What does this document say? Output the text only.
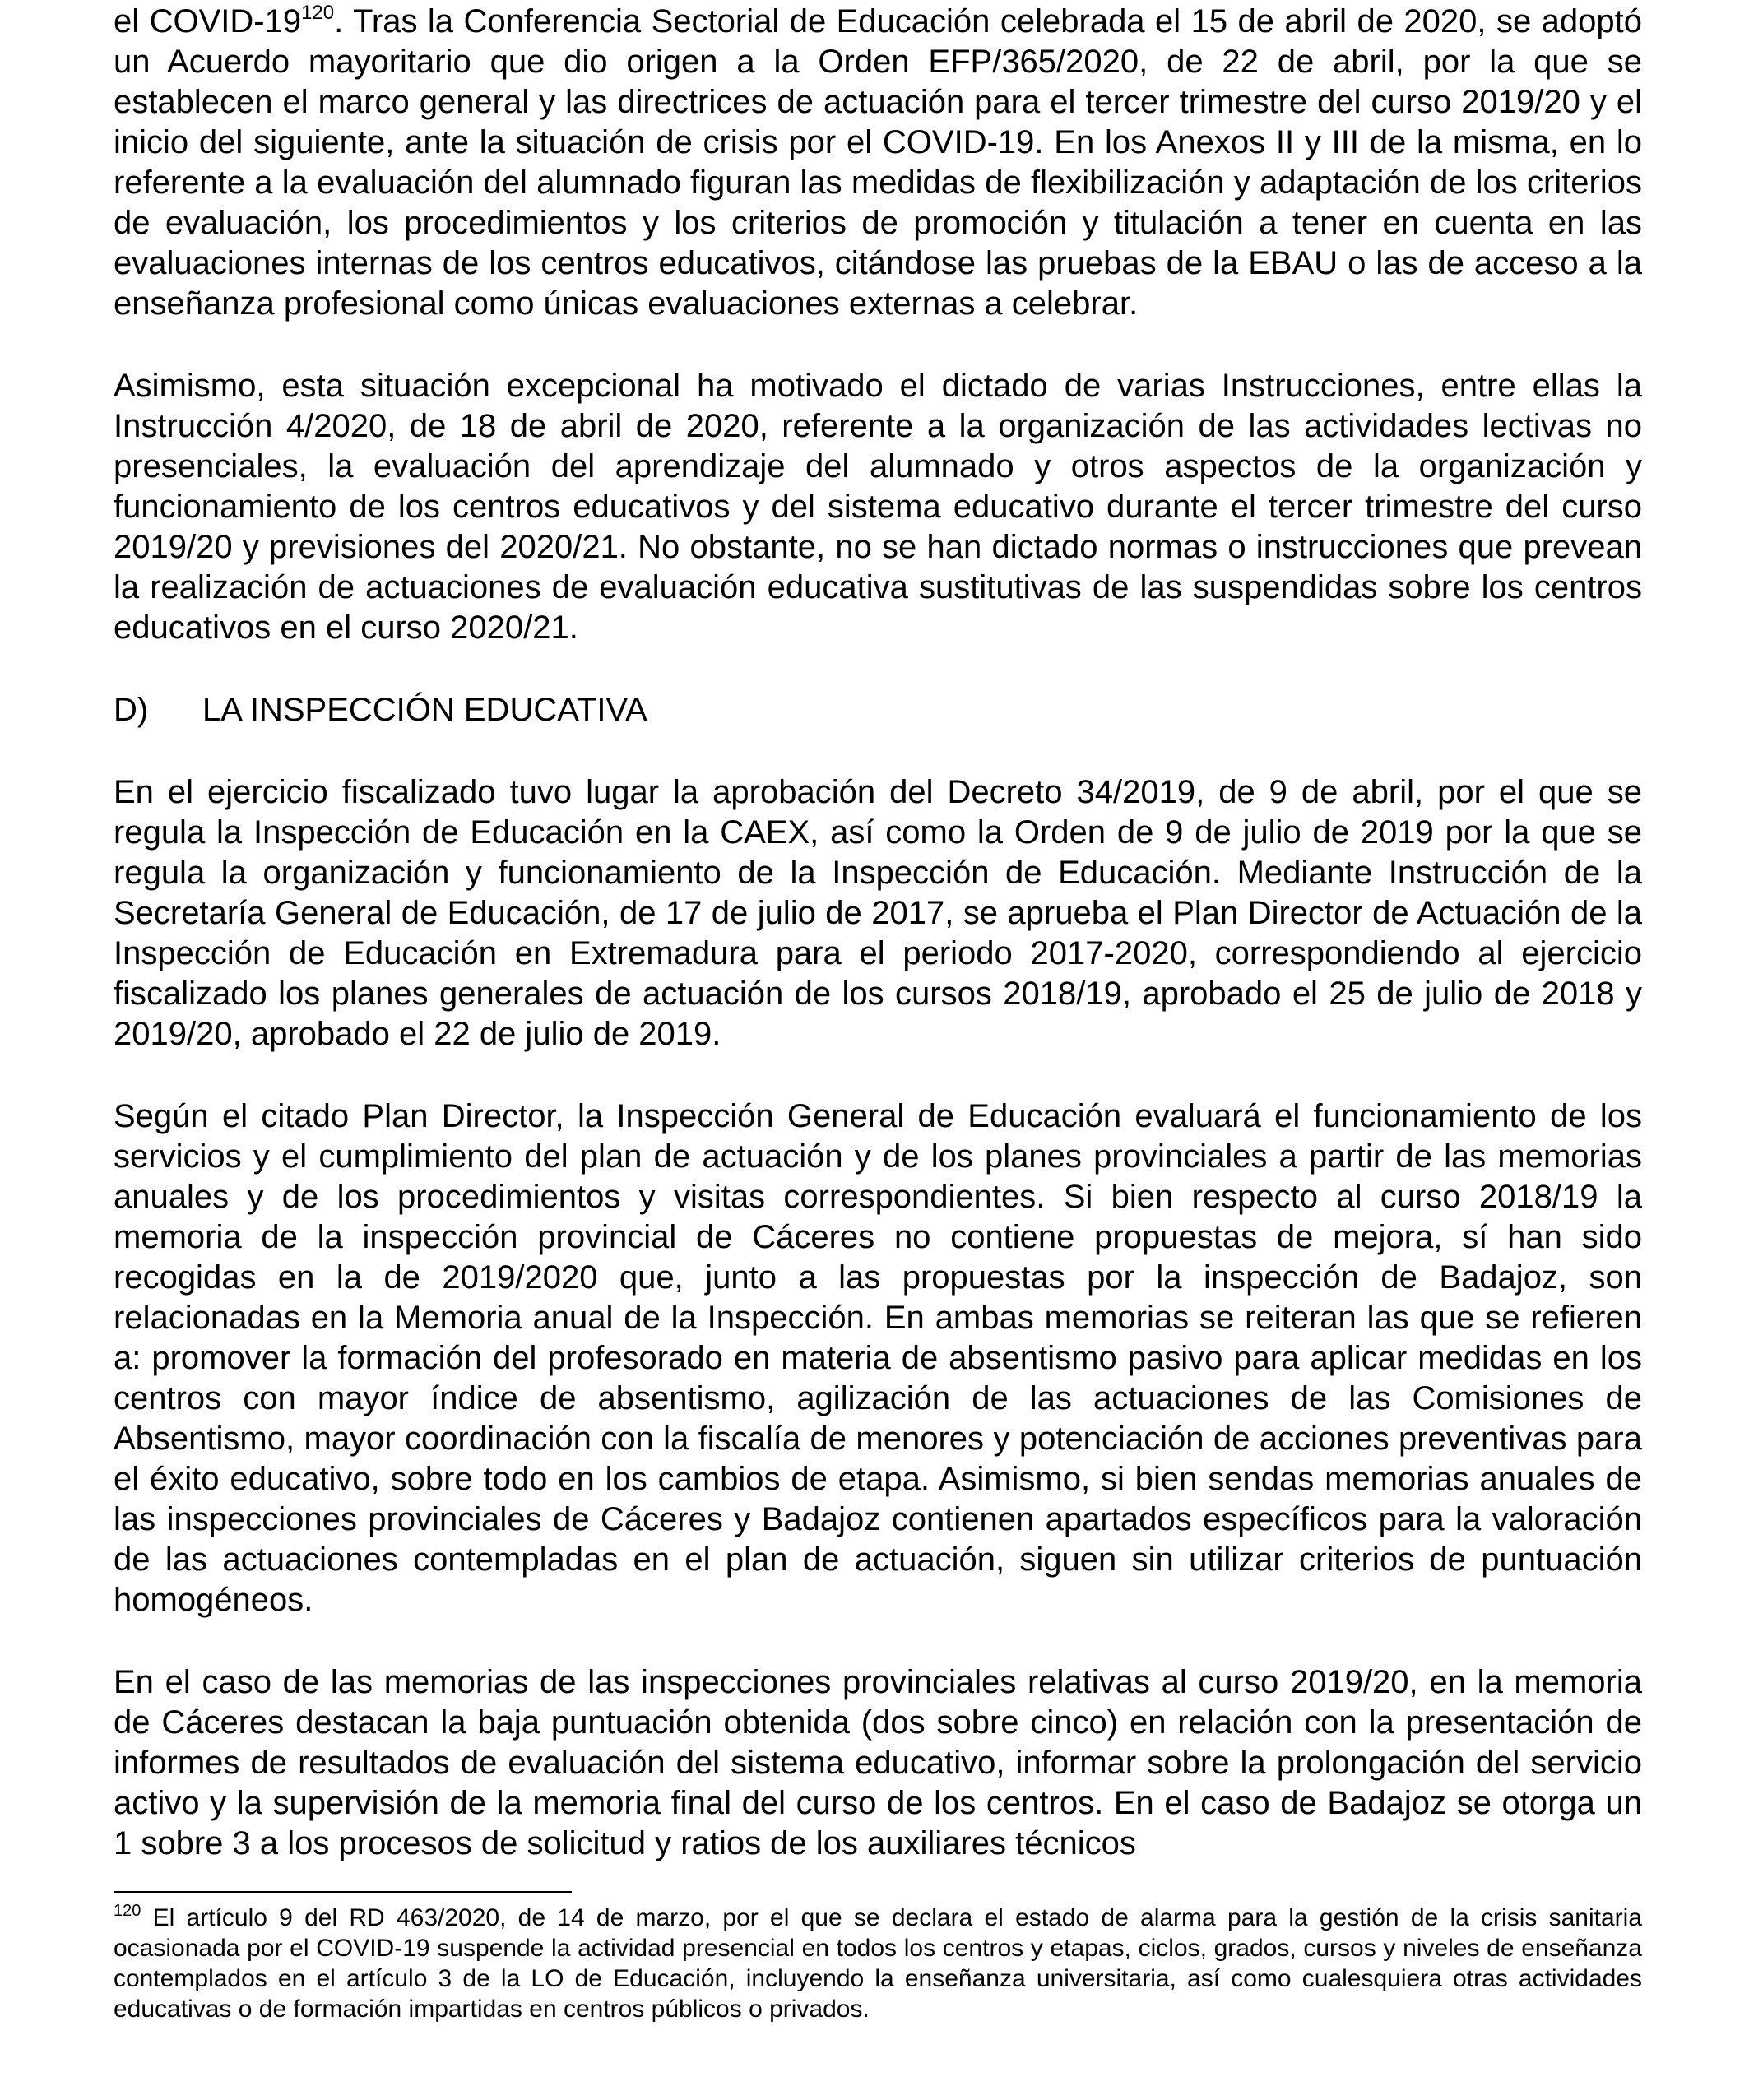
el COVID-$19^{120}$. Tras la Conferencia Sectorial de Educación celebrada el 15 de abril de 2020, se adoptó un Acuerdo mayoritario que dio origen a la Orden EFP/365/2020, de 22 de abril, por la que se establecen el marco general y las directrices de actuación para el tercer trimestre del curso 2019/20 y el inicio del siguiente, ante la situación de crisis por el COVID-19. En los Anexos II y III de la misma, en lo referente a la evaluación del alumnado figuran las medidas de flexibilización y adaptación de los criterios de evaluación, los procedimientos y los criterios de promoción y titulación a tener en cuenta en las evaluaciones internas de los centros educativos, citándose las pruebas de la EBAU o las de acceso a la enseñanza profesional como únicas evaluaciones externas a celebrar.

Asimismo, esta situación excepcional ha motivado el dictado de varias Instrucciones, entre ellas la Instrucción 4/2020, de 18 de abril de 2020, referente a la organización de las actividades lectivas no presenciales, la evaluación del aprendizaje del alumnado y otros aspectos de la organización y funcionamiento de los centros educativos y del sistema educativo durante el tercer trimestre del curso 2019/20 y previsiones del 2020/21. No obstante, no se han dictado normas o instrucciones que prevean la realización de actuaciones de evaluación educativa sustitutivas de las suspendidas sobre los centros educativos en el curso 2020/21.

D)	LA INSPECCIÓN EDUCATIVA

En el ejercicio fiscalizado tuvo lugar la aprobación del Decreto 34/2019, de 9 de abril, por el que se regula la Inspección de Educación en la CAEX, así como la Orden de 9 de julio de 2019 por la que se regula la organización y funcionamiento de la Inspección de Educación. Mediante Instrucción de la Secretaría General de Educación, de 17 de julio de 2017, se aprueba el Plan Director de Actuación de la Inspección de Educación en Extremadura para el periodo 2017-2020, correspondiendo al ejercicio fiscalizado los planes generales de actuación de los cursos 2018/19, aprobado el 25 de julio de 2018 y 2019/20, aprobado el 22 de julio de 2019.

Según el citado Plan Director, la Inspección General de Educación evaluará el funcionamiento de los servicios y el cumplimiento del plan de actuación y de los planes provinciales a partir de las memorias anuales y de los procedimientos y visitas correspondientes. Si bien respecto al curso 2018/19 la memoria de la inspección provincial de Cáceres no contiene propuestas de mejora, sí han sido recogidas en la de 2019/2020 que, junto a las propuestas por la inspección de Badajoz, son relacionadas en la Memoria anual de la Inspección. En ambas memorias se reiteran las que se refieren a: promover la formación del profesorado en materia de absentismo pasivo para aplicar medidas en los centros con mayor índice de absentismo, agilización de las actuaciones de las Comisiones de Absentismo, mayor coordinación con la fiscalía de menores y potenciación de acciones preventivas para el éxito educativo, sobre todo en los cambios de etapa. Asimismo, si bien sendas memorias anuales de las inspecciones provinciales de Cáceres y Badajoz contienen apartados específicos para la valoración de las actuaciones contempladas en el plan de actuación, siguen sin utilizar criterios de puntuación homogéneos.

En el caso de las memorias de las inspecciones provinciales relativas al curso 2019/20, en la memoria de Cáceres destacan la baja puntuación obtenida (dos sobre cinco) en relación con la presentación de informes de resultados de evaluación del sistema educativo, informar sobre la prolongación del servicio activo y la supervisión de la memoria final del curso de los centros. En el caso de Badajoz se otorga un 1 sobre 3 a los procesos de solicitud y ratios de los auxiliares técnicos

$^{120}$ El artículo 9 del RD 463/2020, de 14 de marzo, por el que se declara el estado de alarma para la gestión de la crisis sanitaria ocasionada por el COVID-19 suspende la actividad presencial en todos los centros y etapas, ciclos, grados, cursos y niveles de enseñanza contemplados en el artículo 3 de la LO de Educación, incluyendo la enseñanza universitaria, así como cualesquiera otras actividades educativas o de formación impartidas en centros públicos o privados.
